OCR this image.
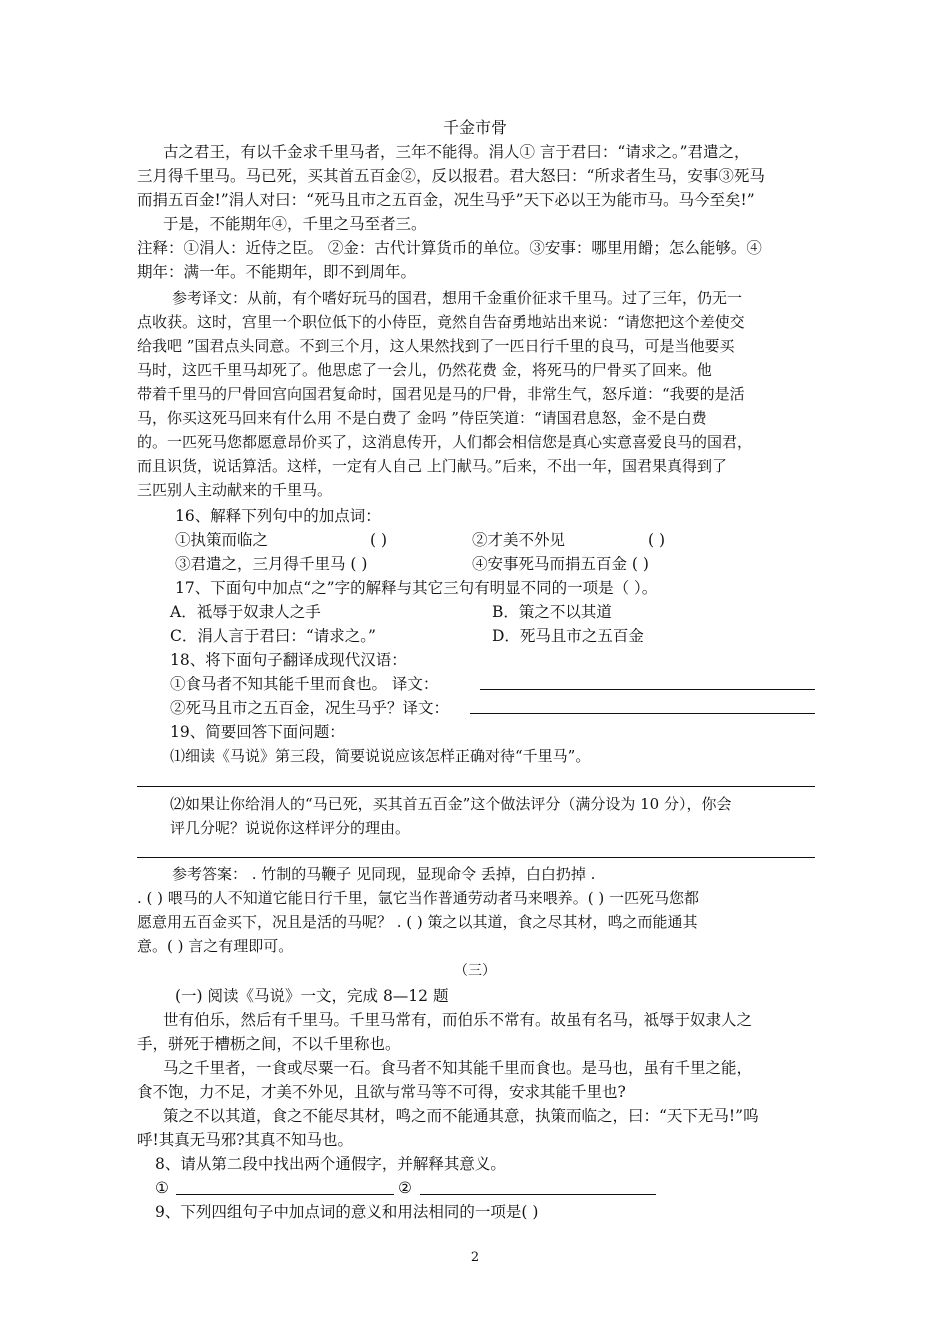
千金市骨
古之君王，有以千金求千里马者，三年不能得。涓人① 言于君曰：“请求之。”君遣之，
三月得千里马。马已死，买其首五百金②，反以报君。君大怒曰：“所求者生马，安事③死马
而捐五百金!”涓人对曰：“死马且市之五百金，况生马乎”天下必以王为能市马。马今至矣!”
于是，不能期年④，千里之马至者三。
注释：①涓人：近侍之臣。 ②金：古代计算货币的单位。③安事：哪里用餶；怎么能够。④
期年：满一年。不能期年，即不到周年。
参考译文：从前，有个嗜好玩马的国君，想用千金重价征求千里马。过了三年，仍无一
点收获。这时，宫里一个职位低下的小侍臣，竟然自告奋勇地站出来说：“请您把这个差使交
给我吧 ”国君点头同意。不到三个月，这人果然找到了一匹日行千里的良马，可是当他要买
马时，这匹千里马却死了。他思虑了一会儿，仍然花费 金，将死马的尸骨买了回来。他
带着千里马的尸骨回宫向国君复命时，国君见是马的尸骨，非常生气，怒斥道：“我要的是活
马，你买这死马回来有什么用 不是白费了 金吗 ”侍臣笑道：“请国君息怒，金不是白费
的。一匹死马您都愿意昂价买了，这消息传开，人们都会相信您是真心实意喜爱良马的国君，
而且识货，说话算活。这样，一定有人自己 上门献马。”后来，不出一年，国君果真得到了
三匹别人主动献来的千里马。
16、解释下列句中的加点词：
①执策而临之	( )	②才美不外见	( )
③君遣之，三月得千里马 ( )	④安事死马而捐五百金 ( )
17、下面句中加点“之”字的解释与其它三句有明显不同的一项是（ ）。
A．祗辱于奴隶人之手	B．策之不以其道
C．涓人言于君曰：“请求之。”	D．死马且市之五百金
18、将下面句子翻译成现代汉语：
①食马者不知其能千里而食也。 译文：
②死马且市之五百金，况生马乎？译文：
19、简要回答下面问题：
⑴细读《马说》第三段，简要说说应该怎样正确对待“千里马”。
⑵如果让你给涓人的“马已死，买其首五百金”这个做法评分（满分设为 10 分），你会
评几分呢？说说你这样评分的理由。
参考答案： . 竹制的马鞭子 见同现，显现命令 丢掉，白白扔掉 .
. ( ) 喂马的人不知道它能日行千里，氩它当作普通劳动者马来喂养。( ) 一匹死马您都
愿意用五百金买下，况且是活的马呢？ . ( ) 策之以其道，食之尽其材，鸣之而能通其
意。( ) 言之有理即可。
（三）
(一) 阅读《马说》一文，完成 8—12 题
世有伯乐，然后有千里马。千里马常有，而伯乐不常有。故虽有名马，祗辱于奴隶人之
手，骈死于槽枥之间，不以千里称也。
马之千里者，一食或尽粟一石。食马者不知其能千里而食也。是马也，虽有千里之能，
食不饱，力不足，才美不外见，且欲与常马等不可得，安求其能千里也?
策之不以其道，食之不能尽其材，鸣之而不能通其意，执策而临之，曰：“天下无马!”呜
呼!其真无马邪?其真不知马也。
8、请从第二段中找出两个通假字，并解释其意义。
①	②
9、下列四组句子中加点词的意义和用法相同的一项是( )
2
